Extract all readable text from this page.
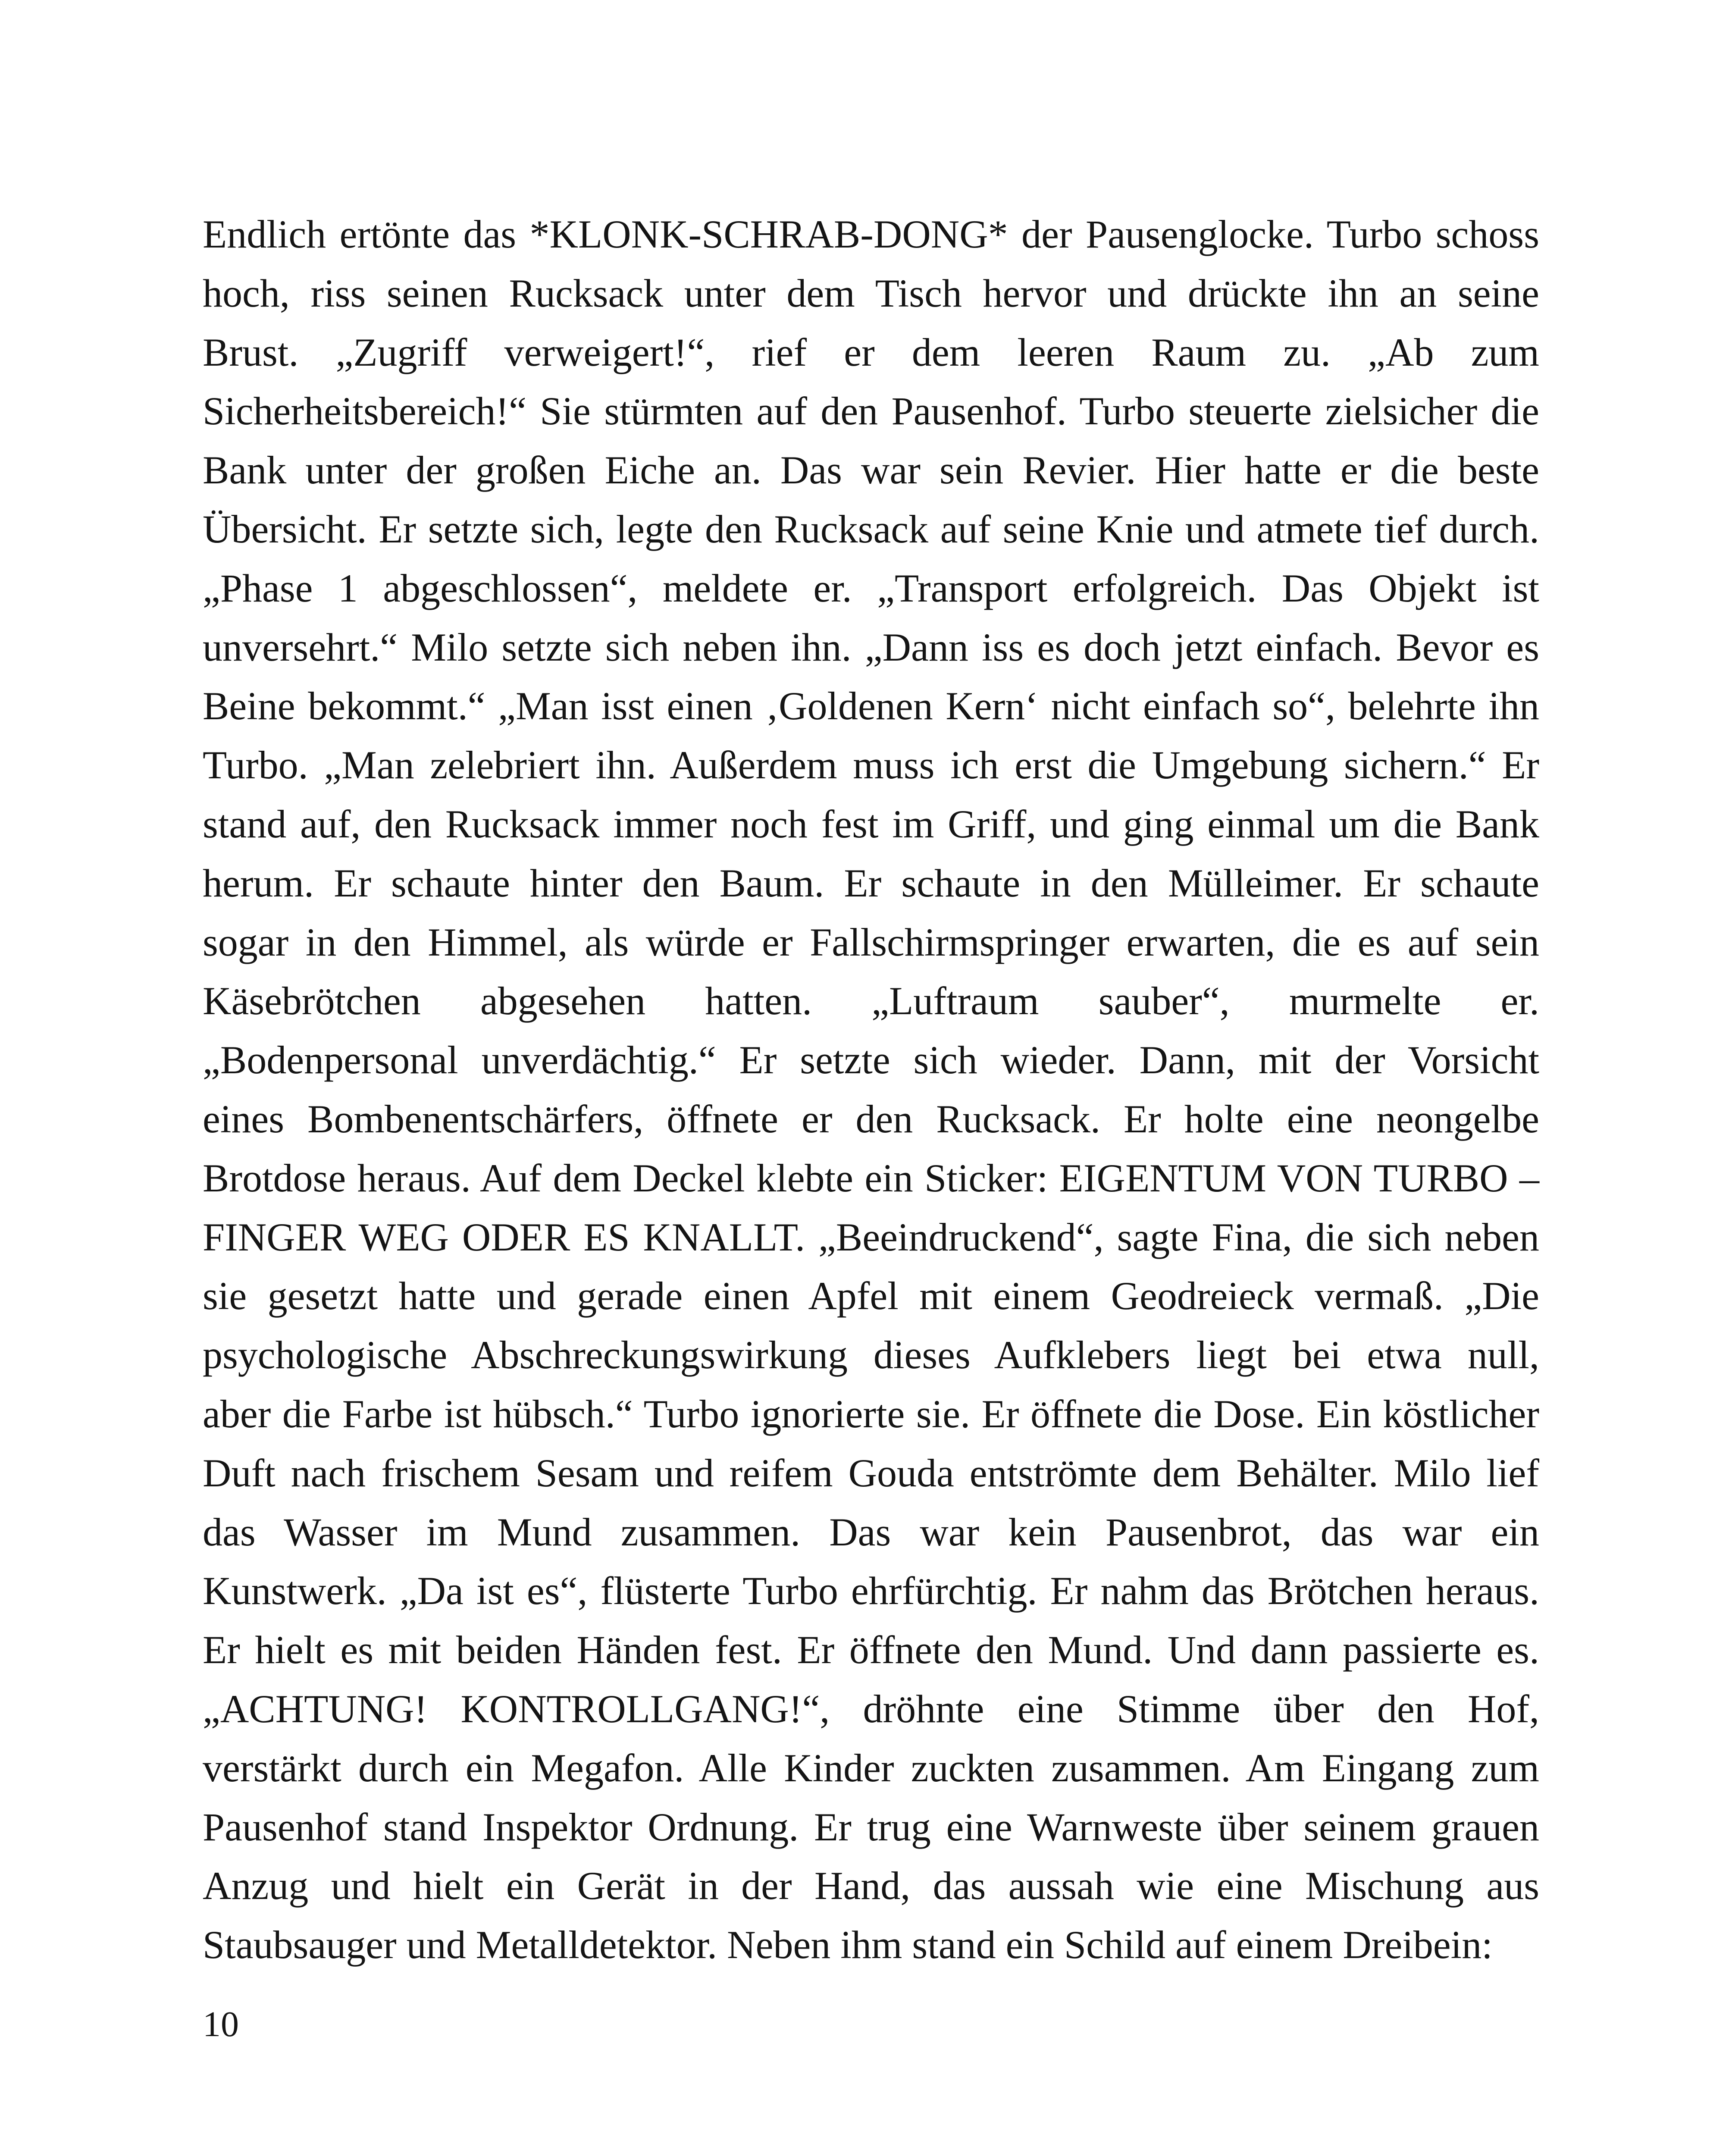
Endlich ertönte das *KLONK-SCHRAB-DONG* der Pausenglocke. Turbo schoss
hoch, riss seinen Rucksack unter dem Tisch hervor und drückte ihn an seine
Brust. „Zugriff verweigert!“, rief er dem leeren Raum zu. „Ab zum
Sicherheitsbereich!“ Sie stürmten auf den Pausenhof. Turbo steuerte zielsicher die
Bank unter der großen Eiche an. Das war sein Revier. Hier hatte er die beste
Übersicht. Er setzte sich, legte den Rucksack auf seine Knie und atmete tief durch.
„Phase 1 abgeschlossen“, meldete er. „Transport erfolgreich. Das Objekt ist
unversehrt.“ Milo setzte sich neben ihn. „Dann iss es doch jetzt einfach. Bevor es
Beine bekommt.“ „Man isst einen ‚Goldenen Kern‘ nicht einfach so“, belehrte ihn
Turbo. „Man zelebriert ihn. Außerdem muss ich erst die Umgebung sichern.“ Er
stand auf, den Rucksack immer noch fest im Griff, und ging einmal um die Bank
herum. Er schaute hinter den Baum. Er schaute in den Mülleimer. Er schaute
sogar in den Himmel, als würde er Fallschirmspringer erwarten, die es auf sein
Käsebrötchen abgesehen hatten. „Luftraum sauber“, murmelte er.
„Bodenpersonal unverdächtig.“ Er setzte sich wieder. Dann, mit der Vorsicht
eines Bombenentschärfers, öffnete er den Rucksack. Er holte eine neongelbe
Brotdose heraus. Auf dem Deckel klebte ein Sticker: EIGENTUM VON TURBO –
FINGER WEG ODER ES KNALLT. „Beeindruckend“, sagte Fina, die sich neben
sie gesetzt hatte und gerade einen Apfel mit einem Geodreieck vermaß. „Die
psychologische Abschreckungswirkung dieses Aufklebers liegt bei etwa null,
aber die Farbe ist hübsch.“ Turbo ignorierte sie. Er öffnete die Dose. Ein köstlicher
Duft nach frischem Sesam und reifem Gouda entströmte dem Behälter. Milo lief
das Wasser im Mund zusammen. Das war kein Pausenbrot, das war ein
Kunstwerk. „Da ist es“, flüsterte Turbo ehrfürchtig. Er nahm das Brötchen heraus.
Er hielt es mit beiden Händen fest. Er öffnete den Mund. Und dann passierte es.
„ACHTUNG! KONTROLLGANG!“, dröhnte eine Stimme über den Hof,
verstärkt durch ein Megafon. Alle Kinder zuckten zusammen. Am Eingang zum
Pausenhof stand Inspektor Ordnung. Er trug eine Warnweste über seinem grauen
Anzug und hielt ein Gerät in der Hand, das aussah wie eine Mischung aus
Staubsauger und Metalldetektor. Neben ihm stand ein Schild auf einem Dreibein:
10
